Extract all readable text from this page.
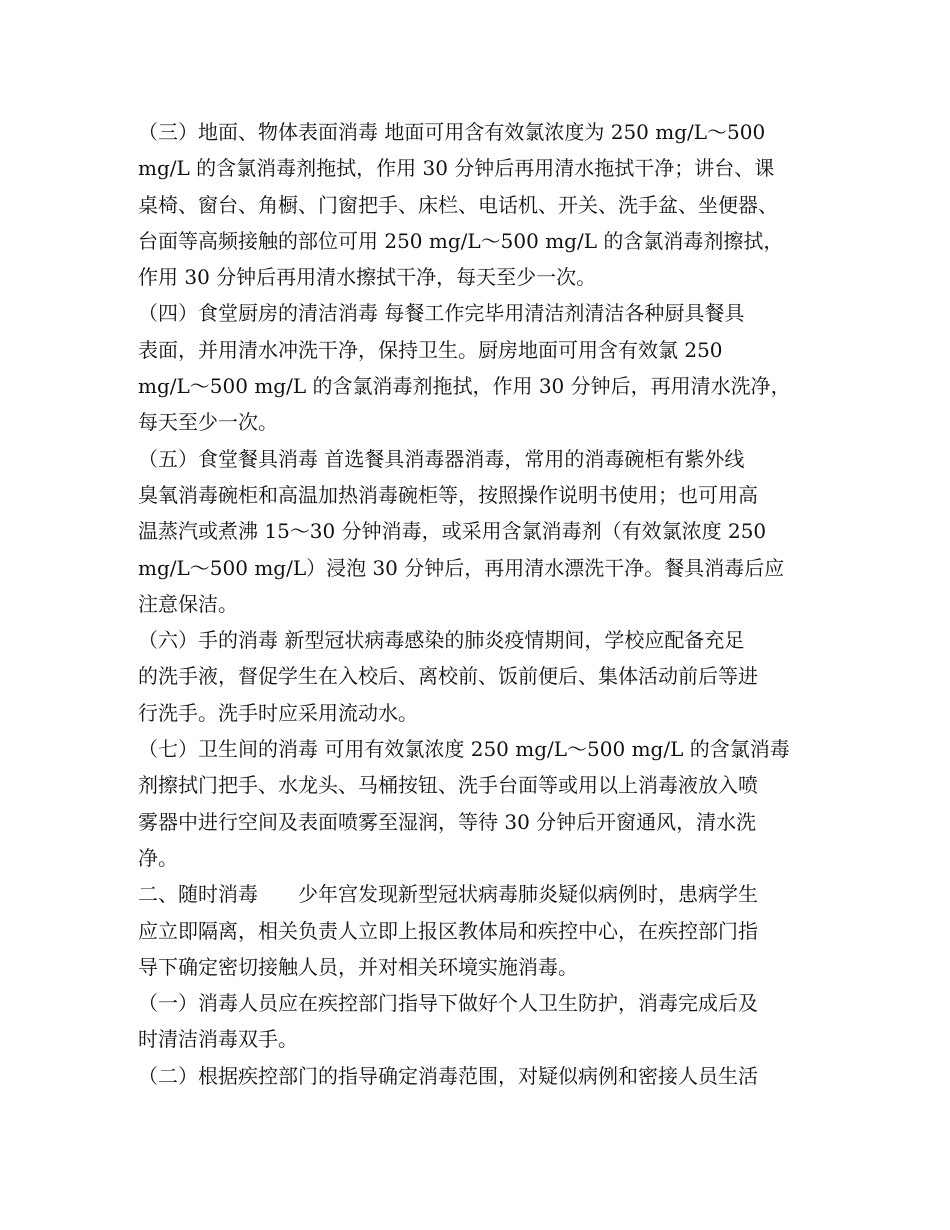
（三）地面、物体表面消毒 地面可用含有效氯浓度为 250 mg/L～500
mg/L 的含氯消毒剂拖拭，作用 30 分钟后再用清水拖拭干净；讲台、课
桌椅、窗台、角橱、门窗把手、床栏、电话机、开关、洗手盆、坐便器、
台面等高频接触的部位可用 250 mg/L～500 mg/L 的含氯消毒剂擦拭，
作用 30 分钟后再用清水擦拭干净，每天至少一次。
（四）食堂厨房的清洁消毒 每餐工作完毕用清洁剂清洁各种厨具餐具
表面，并用清水冲洗干净，保持卫生。厨房地面可用含有效氯 250
mg/L～500 mg/L 的含氯消毒剂拖拭，作用 30 分钟后，再用清水洗净，
每天至少一次。
（五）食堂餐具消毒 首选餐具消毒器消毒，常用的消毒碗柜有紫外线
臭氧消毒碗柜和高温加热消毒碗柜等，按照操作说明书使用；也可用高
温蒸汽或煮沸 15～30 分钟消毒，或采用含氯消毒剂（有效氯浓度 250
mg/L～500 mg/L）浸泡 30 分钟后，再用清水漂洗干净。餐具消毒后应
注意保洁。
（六）手的消毒 新型冠状病毒感染的肺炎疫情期间，学校应配备充足
的洗手液，督促学生在入校后、离校前、饭前便后、集体活动前后等进
行洗手。洗手时应采用流动水。
（七）卫生间的消毒 可用有效氯浓度 250 mg/L～500 mg/L 的含氯消毒
剂擦拭门把手、水龙头、马桶按钮、洗手台面等或用以上消毒液放入喷
雾器中进行空间及表面喷雾至湿润，等待 30 分钟后开窗通风，清水洗
净。
二、随时消毒　　少年宫发现新型冠状病毒肺炎疑似病例时，患病学生
应立即隔离，相关负责人立即上报区教体局和疾控中心，在疾控部门指
导下确定密切接触人员，并对相关环境实施消毒。
（一）消毒人员应在疾控部门指导下做好个人卫生防护，消毒完成后及
时清洁消毒双手。
（二）根据疾控部门的指导确定消毒范围，对疑似病例和密接人员生活
